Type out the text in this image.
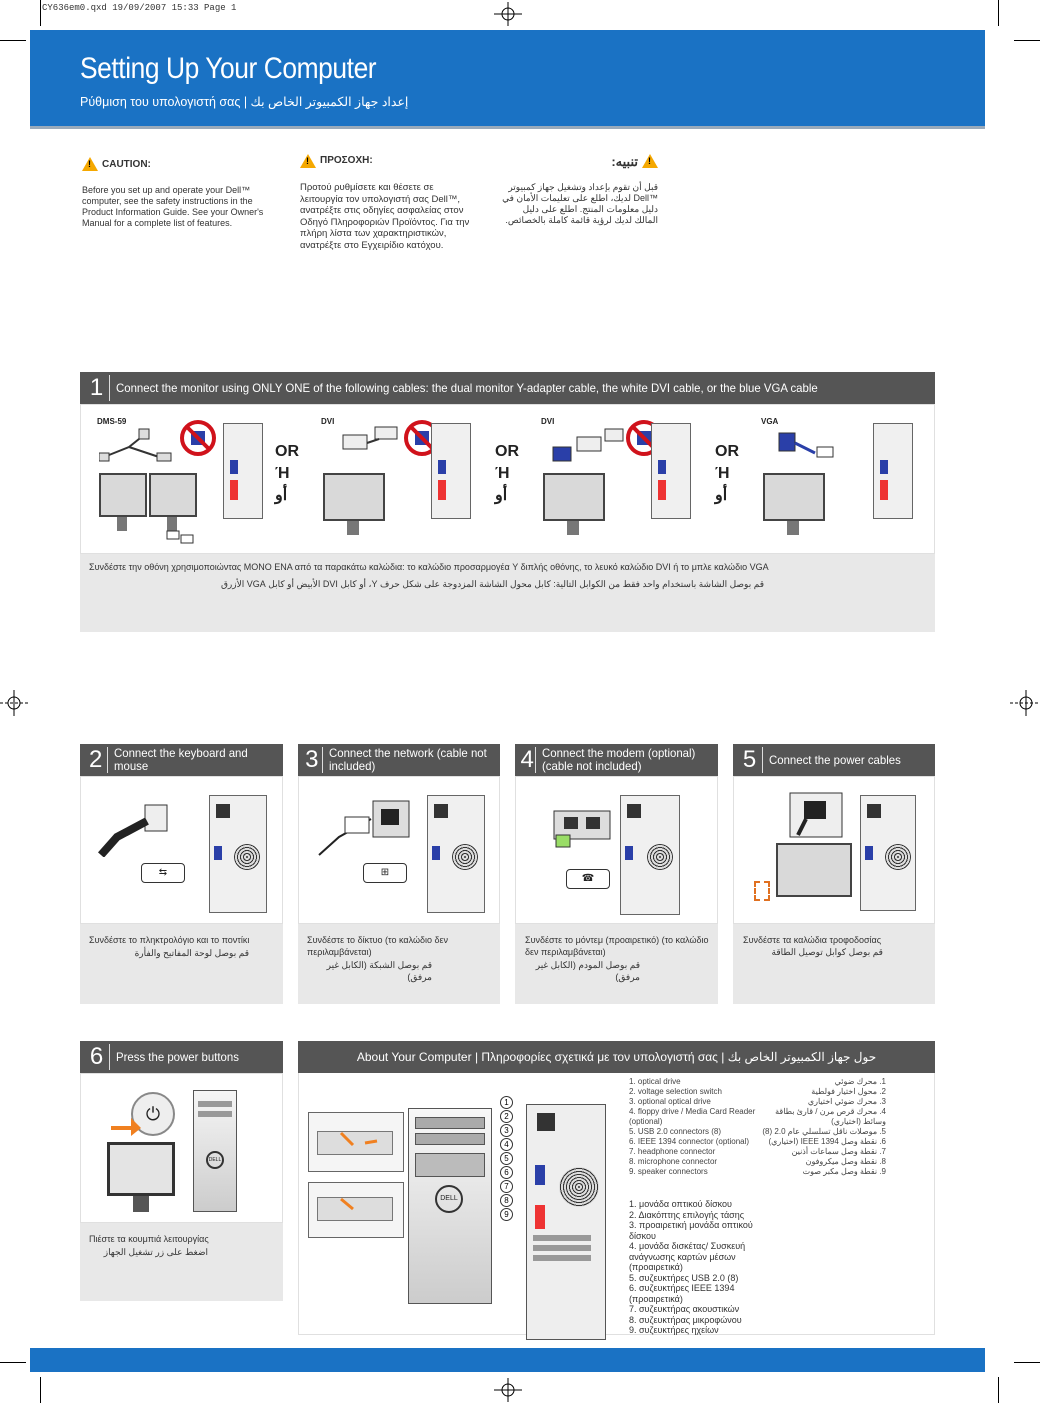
CY636em0.qxd 19/09/2007 15:33 Page 1
Setting Up Your Computer
Ρύθμιση του υπολογιστή σας | إعداد جهاز الكمبيوتر الخاص بك
! CAUTION:
Before you set up and operate your Dell™ computer, see the safety instructions in the Product Information Guide. See your Owner's Manual for a complete list of features.
! ΠΡΟΣΟΧΗ:
Προτού ρυθμίσετε και θέσετε σε λειτουργία τον υπολογιστή σας Dell™, ανατρέξτε στις οδηγίες ασφαλείας στον Οδηγό Πληροφοριών Προϊόντος. Για την πλήρη λίστα των χαρακτηριστικών, ανατρέξτε στο Εγχειρίδιο κατόχου.
!
تنبيه:
قبل أن تقوم بإعداد وتشغيل جهاز كمبيوتر ™Dell لديك، اطلع على تعليمات الأمان في دليل معلومات المنتج. اطلع على دليل المالك لديك لرؤية قائمة كاملة بالخصائص.
1	Connect the monitor using ONLY ONE of the following cables: the dual monitor Y-adapter cable, the white DVI cable, or the blue VGA cable
DMS-59
OR
Ή
أو
DVI
OR
Ή
أو
DVI
OR
Ή
أو
VGA
Συνδέστε την οθόνη χρησιμοποιώντας ΜΟΝΟ ΕΝΑ από τα παρακάτω καλώδια: το καλώδιο προσαρμογέα Y διπλής οθόνης, το λευκό καλώδιο DVI ή το μπλε καλώδιο VGA
قم بوصل الشاشة باستخدام واحد فقط من الكوابل التالية: كابل محول الشاشة المزدوجة على شكل حرف Y، أو كابل DVI الأبيض أو كابل VGA الأزرق
2	Connect the keyboard and mouse
⇆
Συνδέστε το πληκτρολόγιο και το ποντίκι
قم بوصل لوحة المفاتيح والفأرة
3 Connect the network (cable not included)
⊞
Συνδέστε το δίκτυο (το καλώδιο δεν περιλαμβάνεται)
قم بوصل الشبكة (الكابل غير مرفق)
4 Connect the modem (optional) (cable not included)
☎
Συνδέστε το μόντεμ (προαιρετικό) (το καλώδιο δεν περιλαμβάνεται)
قم بوصل المودم (الكابل غير مرفق)
5	Connect the power cables
Συνδέστε τα καλώδια τροφοδοσίας
قم بوصل كوابل توصيل الطاقة
6	Press the power buttons
DELL
⏻
Πιέστε τα κουμπιά λειτουργίας
اضغط على زر تشغيل الجهاز
About Your Computer | Πληροφορίες σχετικά με τον υπολογιστή σας | حول جهاز الكمبيوتر الخاص بك
DELL
1
2
3
4
5
6
7
8
9
1. optical drive
2. voltage selection switch
3. optional optical drive
4. floppy drive / Media Card Reader (optional)
5. USB 2.0 connectors (8)
6. IEEE 1394 connector (optional)
7. headphone connector
8. microphone connector
9. speaker connectors
1. محرك ضوئي
2. محول اختيار فولطية
3. محرك ضوئي اختياري
4. محرك قرص مرن / قارئ بطاقة وسائط (اختياري)
5. موصلات ناقل تسلسلي عام 2.0 (8)
6. نقطة وصل IEEE 1394 (اختياري)
7. نقطة وصل سماعات أذنين
8. نقطة وصل ميكروفون
9. نقطة وصل مكبر صوت
1. μονάδα οπτικού δίσκου
2. Διακόπτης επιλογής τάσης
3. προαιρετική μονάδα οπτικού δίσκου
4. μονάδα δισκέτας/ Συσκευή ανάγνωσης καρτών μέσων (προαιρετικά)
5. συζευκτήρες USB 2.0 (8)
6. συζευκτήρες IEEE 1394 (προαιρετικά)
7. συζευκτήρας ακουστικών
8. συζευκτήρας μικροφώνου
9. συζευκτήρες ηχείων
